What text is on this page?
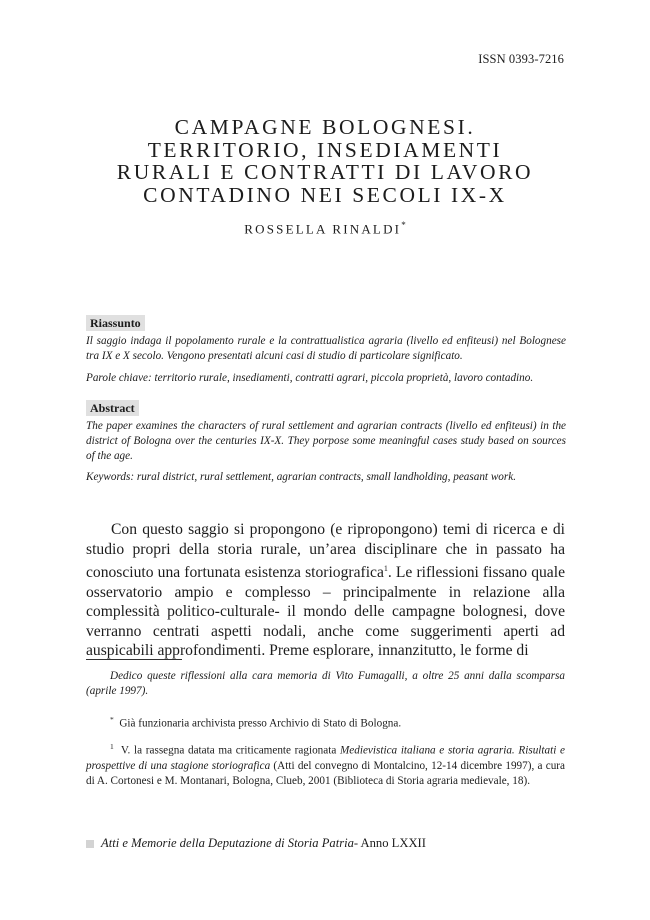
ISSN 0393-7216
CAMPAGNE BOLOGNESI.
TERRITORIO, INSEDIAMENTI
RURALI E CONTRATTI DI LAVORO
CONTADINO NEI SECOLI IX-X
ROSSELLA RINALDI*
Riassunto

Il saggio indaga il popolamento rurale e la contrattualistica agraria (livello ed enfiteusi) nel Bolognese tra IX e X secolo. Vengono presentati alcuni casi di studio di particolare significato.

Parole chiave: territorio rurale, insediamenti, contratti agrari, piccola proprietà, lavoro contadino.

Abstract

The paper examines the characters of rural settlement and agrarian contracts (livello ed enfiteusi) in the district of Bologna over the centuries IX-X. They porpose some meaningful cases study based on sources of the age.

Keywords: rural district, rural settlement, agrarian contracts, small landholding, peasant work.

Con questo saggio si propongono (e ripropongono) temi di ricerca e di studio propri della storia rurale, un’area disciplinare che in passato ha conosciuto una fortunata esistenza storiografica$^1$. Le riflessioni fissano quale osservatorio ampio e complesso – principalmente in relazione alla complessità politico-culturale- il mondo delle campagne bolognesi, dove verranno centrati aspetti nodali, anche come suggerimenti aperti ad auspicabili approfondimenti. Preme esplorare, innanzitutto, le forme di

Dedico queste riflessioni alla cara memoria di Vito Fumagalli, a oltre 25 anni dalla scomparsa (aprile 1997).

* Già funzionaria archivista presso Archivio di Stato di Bologna.

$^1$ V. la rassegna datata ma criticamente ragionata Medievistica italiana e storia agraria. Risultati e prospettive di una stagione storiografica (Atti del convegno di Montalcino, 12-14 dicembre 1997), a cura di A. Cortonesi e M. Montanari, Bologna, Clueb, 2001 (Biblioteca di Storia agraria medievale, 18).

Atti e Memorie della Deputazione di Storia Patria - Anno LXXII
